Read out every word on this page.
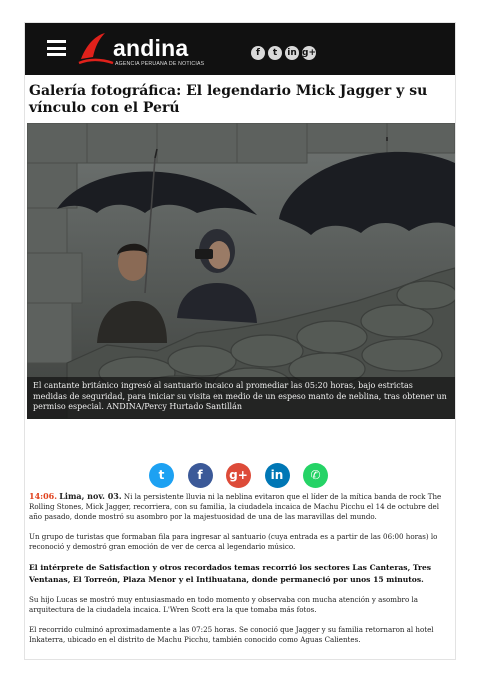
andina
AGENCIA PERUANA DE NOTICIAS
f t in g+
Galería fotográfica: El legendario Mick Jagger y su vínculo con el Perú

El cantante británico ingresó al santuario incaico al promediar las 05:20 horas, bajo estrictas medidas de seguridad, para iniciar su visita en medio de un espeso manto de neblina, tras obtener un permiso especial. ANDINA/Percy Hurtado Santillán

t	f g+ in ✆

14:06. Lima, nov. 03. Ni la persistente lluvia ni la neblina evitaron que el líder de la mítica banda de rock The Rolling Stones, Mick Jagger, recorriera, con su familia, la ciudadela incaica de Machu Picchu el 14 de octubre del año pasado, donde mostró su asombro por la majestuosidad de una de las maravillas del mundo.

Un grupo de turistas que formaban fila para ingresar al santuario (cuya entrada es a partir de las 06:00 horas) lo reconoció y demostró gran emoción de ver de cerca al legendario músico.

El intérprete de Satisfaction y otros recordados temas recorrió los sectores Las Canteras, Tres Ventanas, El Torreón, Plaza Menor y el Intihuatana, donde permaneció por unos 15 minutos.

Su hijo Lucas se mostró muy entusiasmado en todo momento y observaba con mucha atención y asombro la arquitectura de la ciudadela incaica. L'Wren Scott era la que tomaba más fotos.

El recorrido culminó aproximadamente a las 07:25 horas. Se conoció que Jagger y su familia retornaron al hotel Inkaterra, ubicado en el distrito de Machu Picchu, también conocido como Aguas Calientes.
